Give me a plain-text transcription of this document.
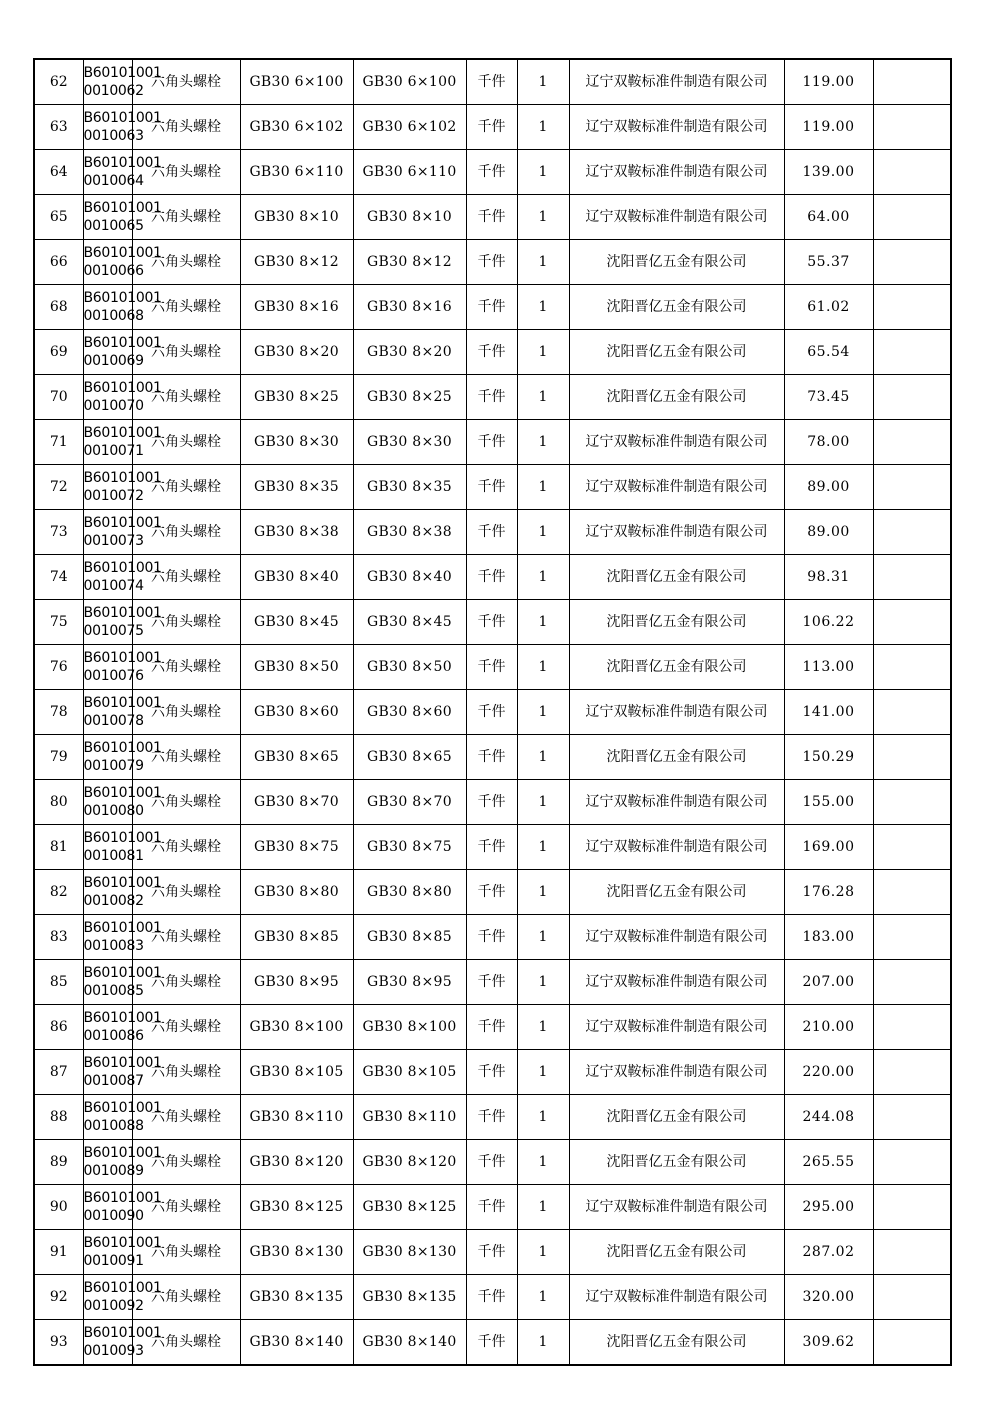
62	B60101001
0010062	六角头螺栓	GB30 6×100	GB30 6×100	千件	1	辽宁双鞍标准件制造有限公司	119.00	
63	B60101001
0010063	六角头螺栓	GB30 6×102	GB30 6×102	千件	1	辽宁双鞍标准件制造有限公司	119.00	
64	B60101001
0010064	六角头螺栓	GB30 6×110	GB30 6×110	千件	1	辽宁双鞍标准件制造有限公司	139.00	
65	B60101001
0010065	六角头螺栓	GB30 8×10	GB30 8×10	千件	1	辽宁双鞍标准件制造有限公司	64.00	
66	B60101001
0010066	六角头螺栓	GB30 8×12	GB30 8×12	千件	1	沈阳晋亿五金有限公司	55.37	
68	B60101001
0010068	六角头螺栓	GB30 8×16	GB30 8×16	千件	1	沈阳晋亿五金有限公司	61.02	
69	B60101001
0010069	六角头螺栓	GB30 8×20	GB30 8×20	千件	1	沈阳晋亿五金有限公司	65.54	
70	B60101001
0010070	六角头螺栓	GB30 8×25	GB30 8×25	千件	1	沈阳晋亿五金有限公司	73.45	
71	B60101001
0010071	六角头螺栓	GB30 8×30	GB30 8×30	千件	1	辽宁双鞍标准件制造有限公司	78.00	
72	B60101001
0010072	六角头螺栓	GB30 8×35	GB30 8×35	千件	1	辽宁双鞍标准件制造有限公司	89.00	
73	B60101001
0010073	六角头螺栓	GB30 8×38	GB30 8×38	千件	1	辽宁双鞍标准件制造有限公司	89.00	
74	B60101001
0010074	六角头螺栓	GB30 8×40	GB30 8×40	千件	1	沈阳晋亿五金有限公司	98.31	
75	B60101001
0010075	六角头螺栓	GB30 8×45	GB30 8×45	千件	1	沈阳晋亿五金有限公司	106.22	
76	B60101001
0010076	六角头螺栓	GB30 8×50	GB30 8×50	千件	1	沈阳晋亿五金有限公司	113.00	
78	B60101001
0010078	六角头螺栓	GB30 8×60	GB30 8×60	千件	1	辽宁双鞍标准件制造有限公司	141.00	
79	B60101001
0010079	六角头螺栓	GB30 8×65	GB30 8×65	千件	1	沈阳晋亿五金有限公司	150.29	
80	B60101001
0010080	六角头螺栓	GB30 8×70	GB30 8×70	千件	1	辽宁双鞍标准件制造有限公司	155.00	
81	B60101001
0010081	六角头螺栓	GB30 8×75	GB30 8×75	千件	1	辽宁双鞍标准件制造有限公司	169.00	
82	B60101001
0010082	六角头螺栓	GB30 8×80	GB30 8×80	千件	1	沈阳晋亿五金有限公司	176.28	
83	B60101001
0010083	六角头螺栓	GB30 8×85	GB30 8×85	千件	1	辽宁双鞍标准件制造有限公司	183.00	
85	B60101001
0010085	六角头螺栓	GB30 8×95	GB30 8×95	千件	1	辽宁双鞍标准件制造有限公司	207.00	
86	B60101001
0010086	六角头螺栓	GB30 8×100	GB30 8×100	千件	1	辽宁双鞍标准件制造有限公司	210.00	
87	B60101001
0010087	六角头螺栓	GB30 8×105	GB30 8×105	千件	1	辽宁双鞍标准件制造有限公司	220.00	
88	B60101001
0010088	六角头螺栓	GB30 8×110	GB30 8×110	千件	1	沈阳晋亿五金有限公司	244.08	
89	B60101001
0010089	六角头螺栓	GB30 8×120	GB30 8×120	千件	1	沈阳晋亿五金有限公司	265.55	
90	B60101001
0010090	六角头螺栓	GB30 8×125	GB30 8×125	千件	1	辽宁双鞍标准件制造有限公司	295.00	
91	B60101001
0010091	六角头螺栓	GB30 8×130	GB30 8×130	千件	1	沈阳晋亿五金有限公司	287.02	
92	B60101001
0010092	六角头螺栓	GB30 8×135	GB30 8×135	千件	1	辽宁双鞍标准件制造有限公司	320.00	
93	B60101001
0010093	六角头螺栓	GB30 8×140	GB30 8×140	千件	1	沈阳晋亿五金有限公司	309.62	
